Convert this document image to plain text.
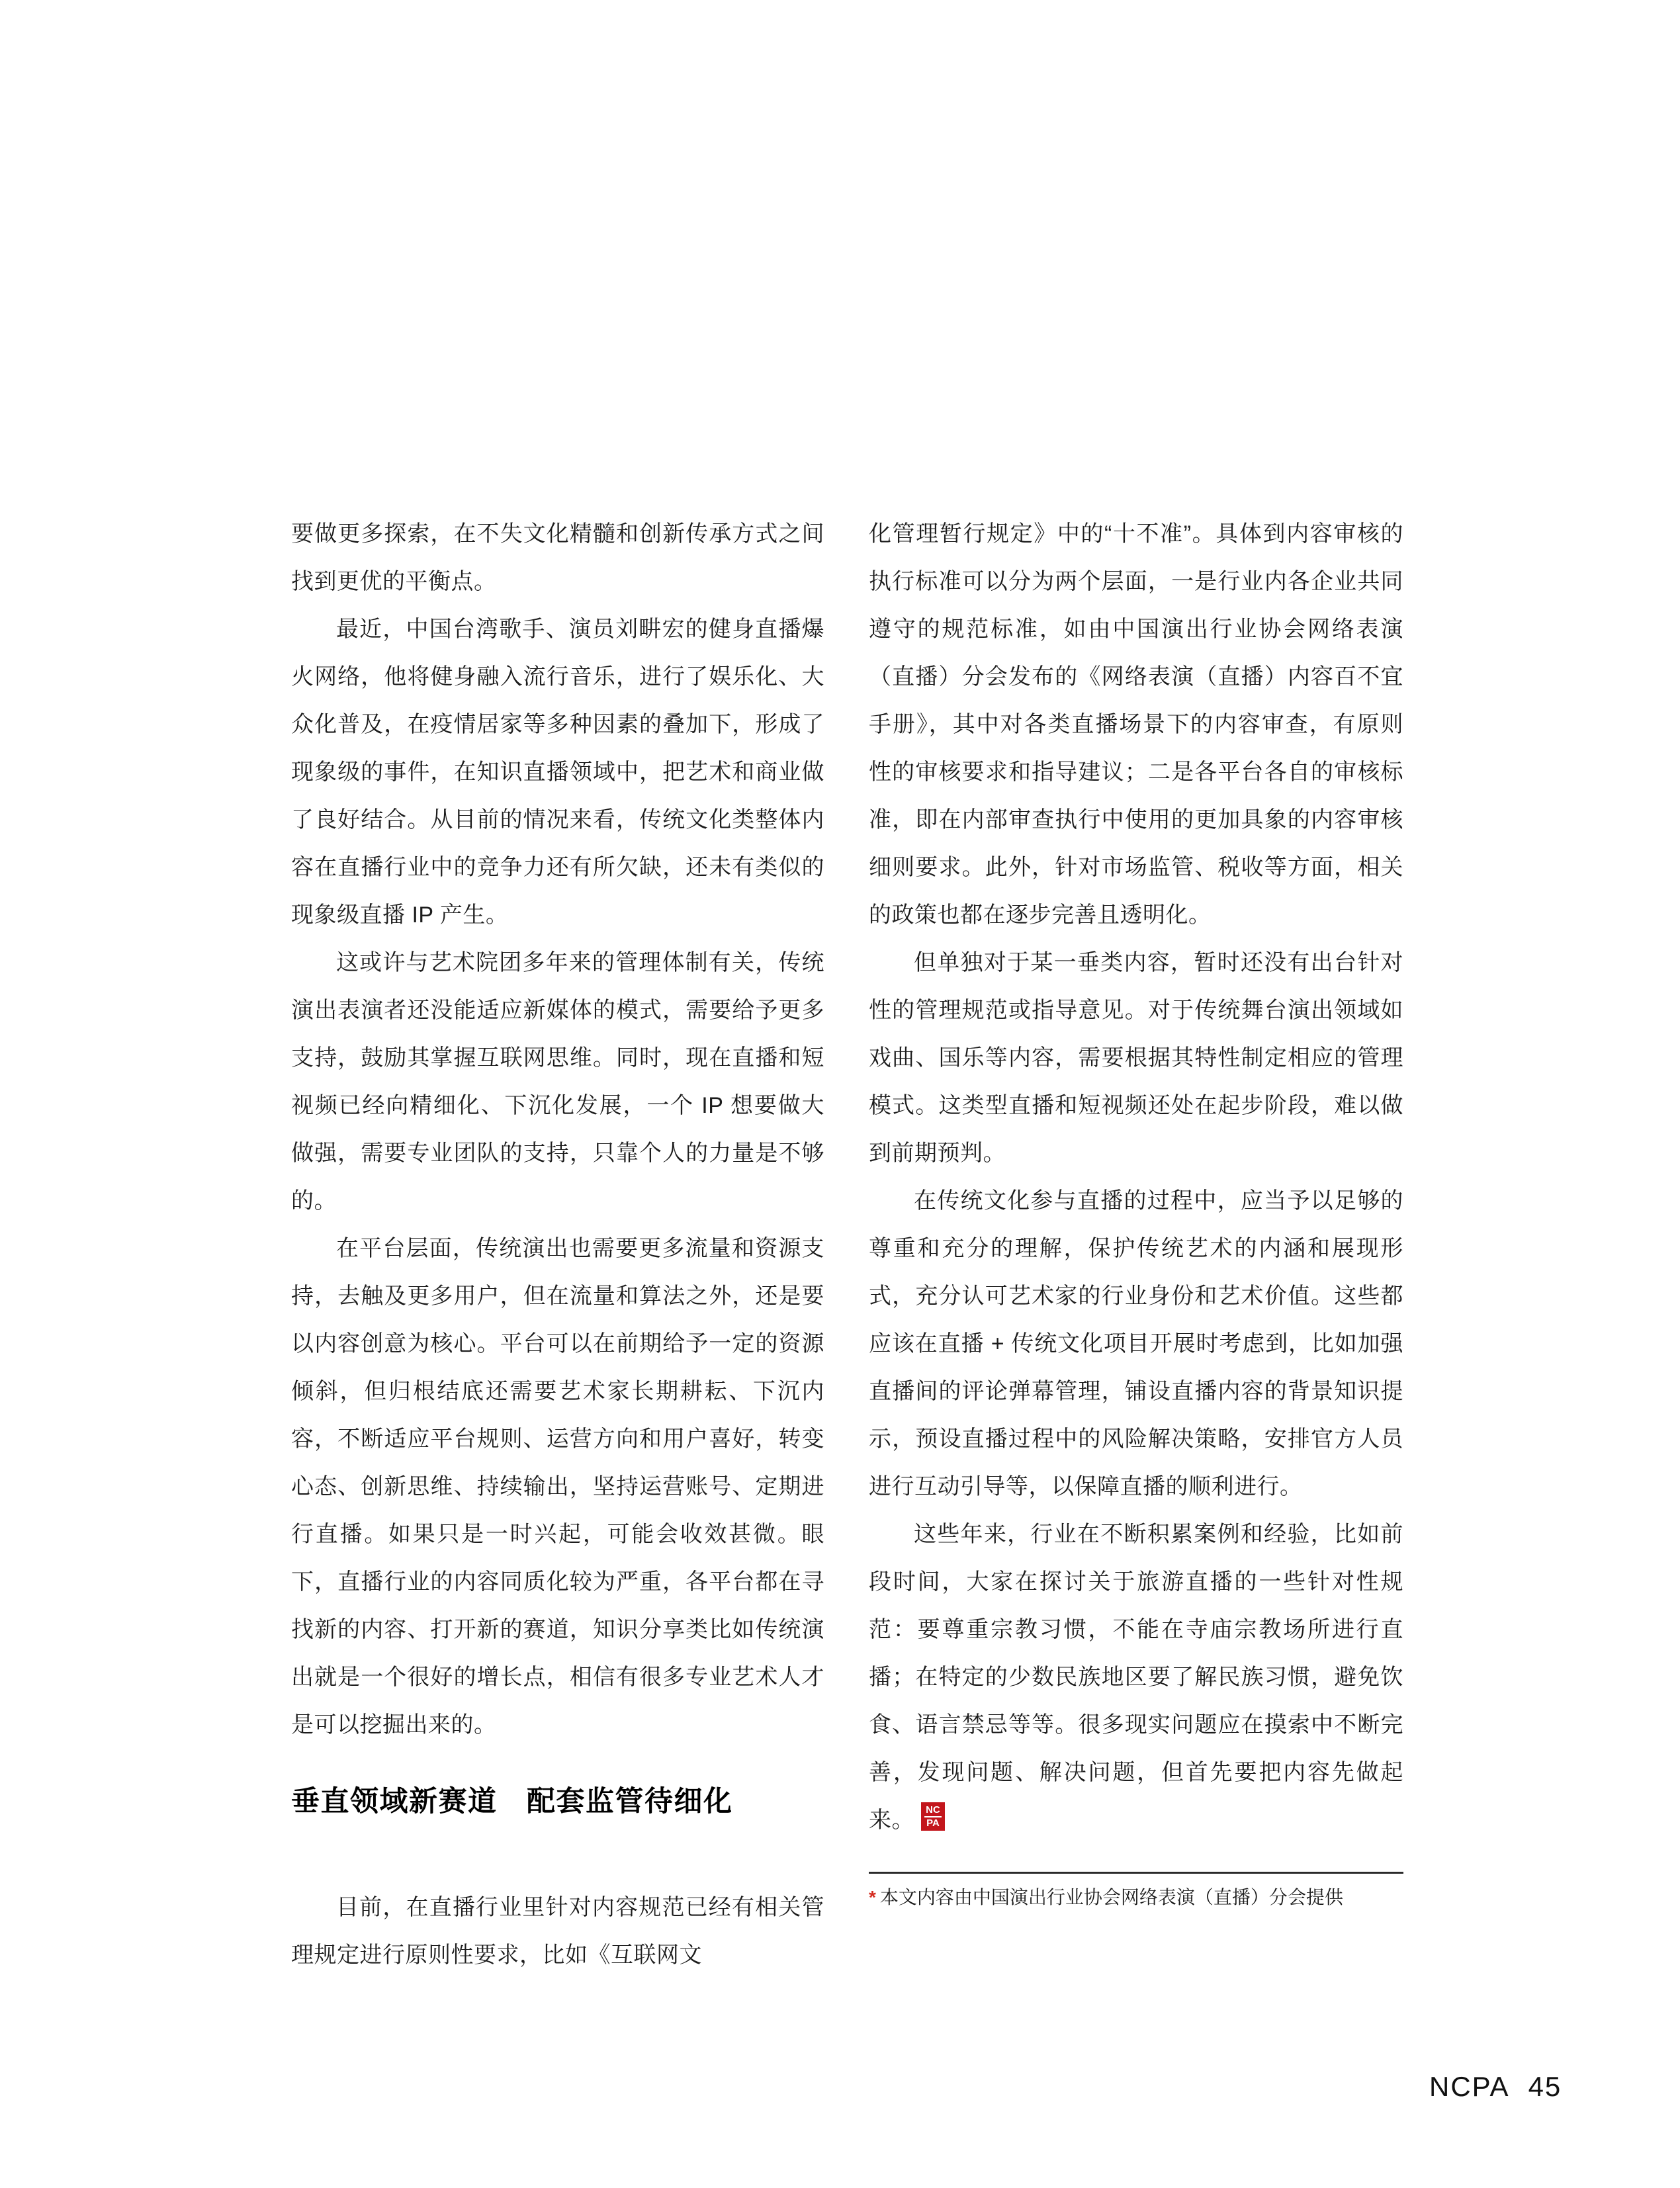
要做更多探索，在不失文化精髓和创新传承方式之间找到更优的平衡点。

最近，中国台湾歌手、演员刘畊宏的健身直播爆火网络，他将健身融入流行音乐，进行了娱乐化、大众化普及，在疫情居家等多种因素的叠加下，形成了现象级的事件，在知识直播领域中，把艺术和商业做了良好结合。从目前的情况来看，传统文化类整体内容在直播行业中的竞争力还有所欠缺，还未有类似的现象级直播 IP 产生。

这或许与艺术院团多年来的管理体制有关，传统演出表演者还没能适应新媒体的模式，需要给予更多支持，鼓励其掌握互联网思维。同时，现在直播和短视频已经向精细化、下沉化发展，一个 IP 想要做大做强，需要专业团队的支持，只靠个人的力量是不够的。

在平台层面，传统演出也需要更多流量和资源支持，去触及更多用户，但在流量和算法之外，还是要以内容创意为核心。平台可以在前期给予一定的资源倾斜，但归根结底还需要艺术家长期耕耘、下沉内容，不断适应平台规则、运营方向和用户喜好，转变心态、创新思维、持续输出，坚持运营账号、定期进行直播。如果只是一时兴起，可能会收效甚微。眼下，直播行业的内容同质化较为严重，各平台都在寻找新的内容、打开新的赛道，知识分享类比如传统演出就是一个很好的增长点，相信有很多专业艺术人才是可以挖掘出来的。

垂直领域新赛道　配套监管待细化

目前，在直播行业里针对内容规范已经有相关管理规定进行原则性要求，比如《互联网文

化管理暂行规定》中的“十不准”。具体到内容审核的执行标准可以分为两个层面，一是行业内各企业共同遵守的规范标准，如由中国演出行业协会网络表演（直播）分会发布的《网络表演（直播）内容百不宜手册》，其中对各类直播场景下的内容审查，有原则性的审核要求和指导建议；二是各平台各自的审核标准，即在内部审查执行中使用的更加具象的内容审核细则要求。此外，针对市场监管、税收等方面，相关的政策也都在逐步完善且透明化。

但单独对于某一垂类内容，暂时还没有出台针对性的管理规范或指导意见。对于传统舞台演出领域如戏曲、国乐等内容，需要根据其特性制定相应的管理模式。这类型直播和短视频还处在起步阶段，难以做到前期预判。

在传统文化参与直播的过程中，应当予以足够的尊重和充分的理解，保护传统艺术的内涵和展现形式，充分认可艺术家的行业身份和艺术价值。这些都应该在直播 + 传统文化项目开展时考虑到，比如加强直播间的评论弹幕管理，铺设直播内容的背景知识提示，预设直播过程中的风险解决策略，安排官方人员进行互动引导等，以保障直播的顺利进行。

这些年来，行业在不断积累案例和经验，比如前段时间，大家在探讨关于旅游直播的一些针对性规范：要尊重宗教习惯，不能在寺庙宗教场所进行直播；在特定的少数民族地区要了解民族习惯，避免饮食、语言禁忌等等。很多现实问题应在摸索中不断完善，发现问题、解决问题，但首先要把内容先做起来。 $\frac{NC}{PA}$

* 本文内容由中国演出行业协会网络表演（直播）分会提供

NCPA 45
